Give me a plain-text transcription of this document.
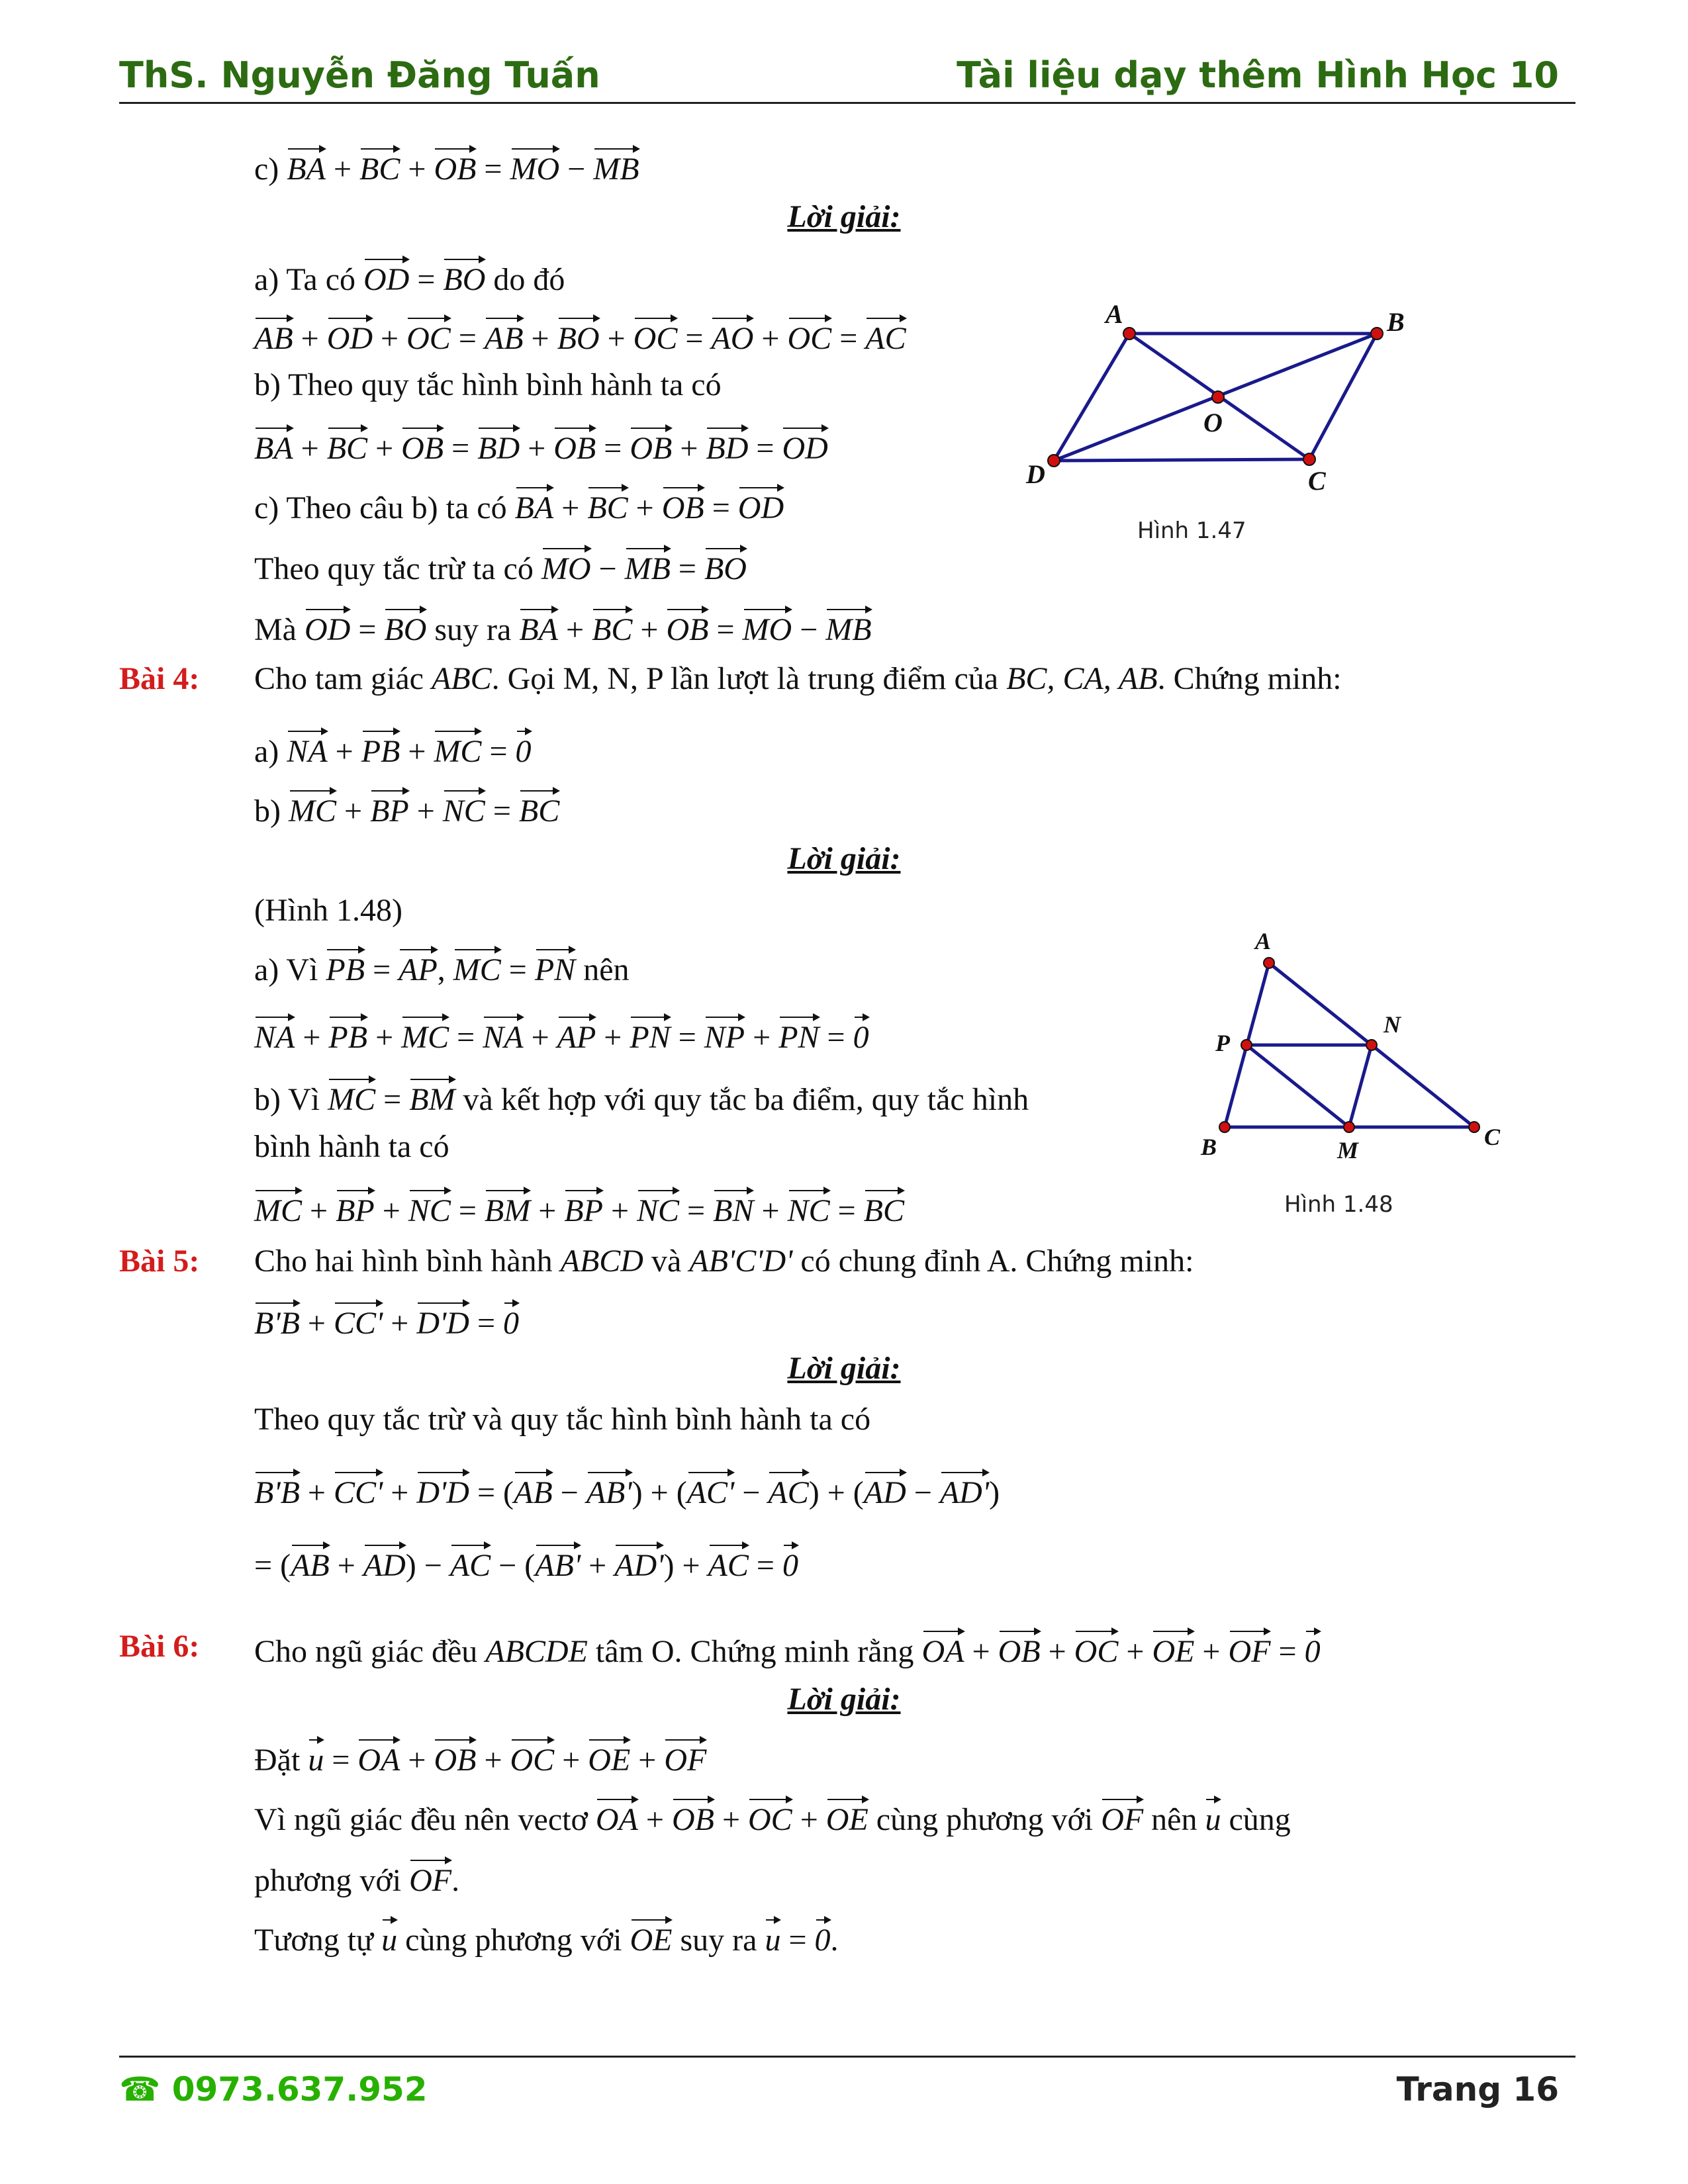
ThS. Nguyễn Đăng Tuấn	Tài liệu dạy thêm Hình Học 10
c) BA + BC + OB = MO − MB
Lời giải:
a) Ta có OD = BO do đó
AB + OD + OC = AB + BO + OC = AO + OC = AC
b) Theo quy tắc hình bình hành ta có
BA + BC + OB = BD + OB = OB + BD = OD
c) Theo câu b) ta có BA + BC + OB = OD
Theo quy tắc trừ ta có MO − MB = BO
Mà OD = BO suy ra BA + BC + OB = MO − MB
A	B
C
D
O
Hình 1.47
Bài 4: Cho tam giác ABC. Gọi M, N, P lần lượt là trung điểm của BC, CA, AB. Chứng minh:
a) NA + PB + MC = 0
b) MC + BP + NC = BC
Lời giải:
(Hình 1.48)
a) Vì PB = AP, MC = PN nên
NA + PB + MC = NA + AP + PN = NP + PN = 0
b) Vì MC = BM và kết hợp với quy tắc ba điểm, quy tắc hình
bình hành ta có
MC + BP + NC = BM + BP + NC = BN + NC = BC
A
B	C
M
N
P
Hình 1.48
Bài 5: Cho hai hình bình hành ABCD và AB'C'D' có chung đỉnh A. Chứng minh:
B'B + CC' + D'D = 0
Lời giải:
Theo quy tắc trừ và quy tắc hình bình hành ta có
B'B + CC' + D'D = (AB − AB') + (AC' − AC) + (AD − AD')
= (AB + AD) − AC − (AB' + AD') + AC = 0
Bài 6: Cho ngũ giác đều ABCDE tâm O. Chứng minh rằng OA + OB + OC + OE + OF = 0
Lời giải:
Đặt u = OA + OB + OC + OE + OF
Vì ngũ giác đều nên vectơ OA + OB + OC + OE cùng phương với OF nên u cùng
phương với OF.
Tương tự u cùng phương với OE suy ra u = 0.
☎ 0973.637.952	Trang 16
